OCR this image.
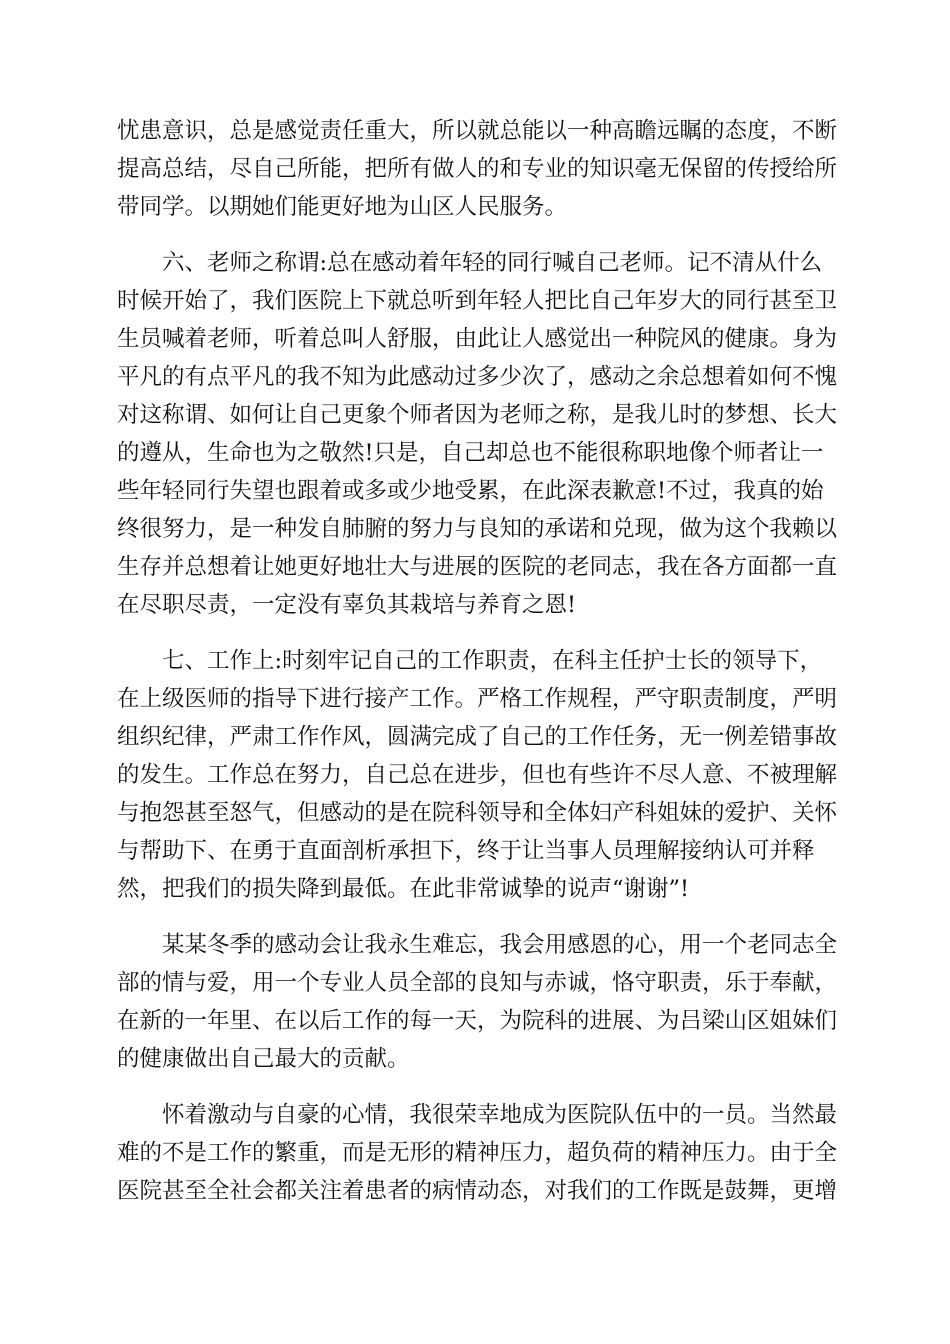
忧患意识，总是感觉责任重大，所以就总能以一种高瞻远瞩的态度，不断
提高总结，尽自己所能，把所有做人的和专业的知识毫无保留的传授给所
带同学。以期她们能更好地为山区人民服务。
六、老师之称谓:总在感动着年轻的同行喊自己老师。记不清从什么
时候开始了，我们医院上下就总听到年轻人把比自己年岁大的同行甚至卫
生员喊着老师，听着总叫人舒服，由此让人感觉出一种院风的健康。身为
平凡的有点平凡的我不知为此感动过多少次了，感动之余总想着如何不愧
对这称谓、如何让自己更象个师者因为老师之称，是我儿时的梦想、长大
的遵从，生命也为之敬然!只是，自己却总也不能很称职地像个师者让一
些年轻同行失望也跟着或多或少地受累，在此深表歉意!不过，我真的始
终很努力，是一种发自肺腑的努力与良知的承诺和兑现，做为这个我赖以
生存并总想着让她更好地壮大与进展的医院的老同志，我在各方面都一直
在尽职尽责，一定没有辜负其栽培与养育之恩!
七、工作上:时刻牢记自己的工作职责，在科主任护士长的领导下，
在上级医师的指导下进行接产工作。严格工作规程，严守职责制度，严明
组织纪律，严肃工作作风，圆满完成了自己的工作任务，无一例差错事故
的发生。工作总在努力，自己总在进步，但也有些许不尽人意、不被理解
与抱怨甚至怒气，但感动的是在院科领导和全体妇产科姐妹的爱护、关怀
与帮助下、在勇于直面剖析承担下，终于让当事人员理解接纳认可并释
然，把我们的损失降到最低。在此非常诚挚的说声“谢谢”!
某某冬季的感动会让我永生难忘，我会用感恩的心，用一个老同志全
部的情与爱，用一个专业人员全部的良知与赤诚，恪守职责，乐于奉献，
在新的一年里、在以后工作的每一天，为院科的进展、为吕梁山区姐妹们
的健康做出自己最大的贡献。
怀着激动与自豪的心情，我很荣幸地成为医院队伍中的一员。当然最
难的不是工作的繁重，而是无形的精神压力，超负荷的精神压力。由于全
医院甚至全社会都关注着患者的病情动态，对我们的工作既是鼓舞，更增
